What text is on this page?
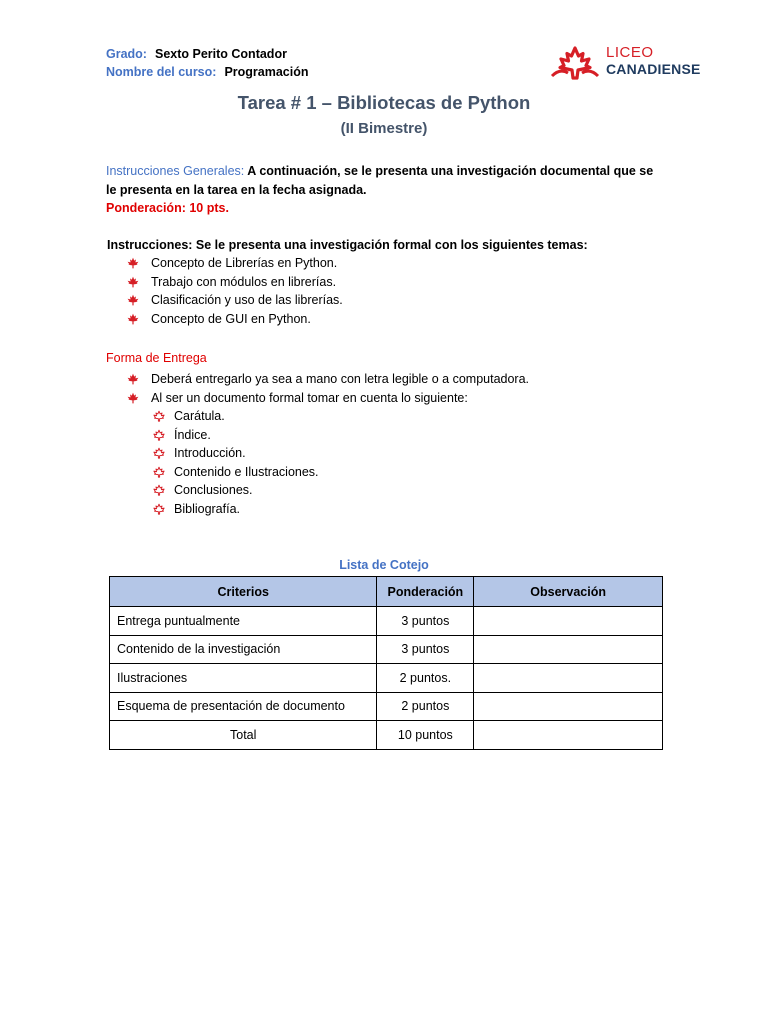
Grado: Sexto Perito Contador
Nombre del curso: Programación
LICEO
CANADIENSE
Tarea # 1 – Bibliotecas de Python
(II Bimestre)
Instrucciones Generales: A continuación, se le presenta una investigación documental que se le presenta en la tarea en la fecha asignada.
Ponderación: 10 pts.
Instrucciones: Se le presenta una investigación formal con los siguientes temas:
Concepto de Librerías en Python.
Trabajo con módulos en librerías.
Clasificación y uso de las librerías.
Concepto de GUI en Python.
Forma de Entrega
Deberá entregarlo ya sea a mano con letra legible o a computadora.
Al ser un documento formal tomar en cuenta lo siguiente:
Carátula.
Índice.
Introducción.
Contenido e Ilustraciones.
Conclusiones.
Bibliografía.
Lista de Cotejo
Criterios	Ponderación	Observación
Entrega puntualmente	3 puntos	
Contenido de la investigación	3 puntos	
Ilustraciones	2 puntos.	
Esquema de presentación de documento	2 puntos	
Total	10 puntos	
